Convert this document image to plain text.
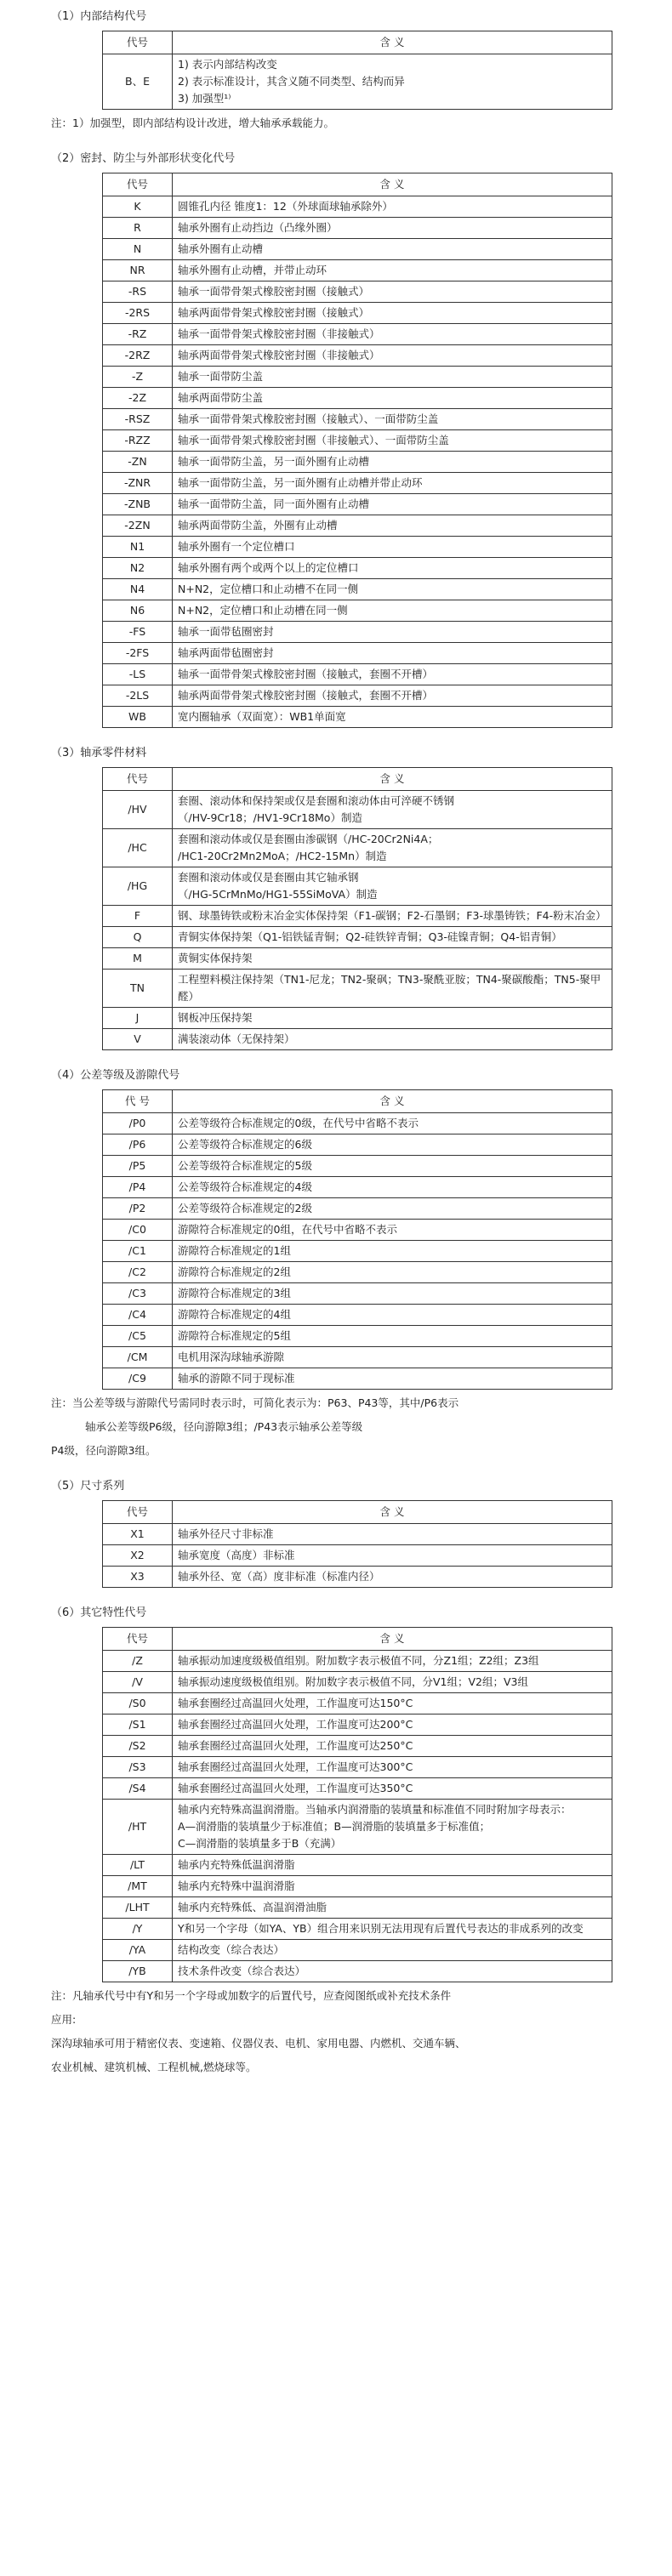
（1）内部结构代号
代号	含 义
B、E	1) 表示内部结构改变
2) 表示标准设计，其含义随不同类型、结构而异
3) 加强型¹⁾
注：1）加强型，即内部结构设计改进，增大轴承承载能力。
（2）密封、防尘与外部形状变化代号
代号	含 义
K	圆锥孔内径 锥度1：12（外球面球轴承除外）
R	轴承外圈有止动挡边（凸缘外圈）
N	轴承外圈有止动槽
NR	轴承外圈有止动槽，并带止动环
-RS	轴承一面带骨架式橡胶密封圈（接触式）
-2RS	轴承两面带骨架式橡胶密封圈（接触式）
-RZ	轴承一面带骨架式橡胶密封圈（非接触式）
-2RZ	轴承两面带骨架式橡胶密封圈（非接触式）
-Z	轴承一面带防尘盖
-2Z	轴承两面带防尘盖
-RSZ	轴承一面带骨架式橡胶密封圈（接触式）、一面带防尘盖
-RZZ	轴承一面带骨架式橡胶密封圈（非接触式）、一面带防尘盖
-ZN	轴承一面带防尘盖，另一面外圈有止动槽
-ZNR	轴承一面带防尘盖，另一面外圈有止动槽并带止动环
-ZNB	轴承一面带防尘盖，同一面外圈有止动槽
-2ZN	轴承两面带防尘盖，外圈有止动槽
N1	轴承外圈有一个定位槽口
N2	轴承外圈有两个或两个以上的定位槽口
N4	N+N2，定位槽口和止动槽不在同一侧
N6	N+N2，定位槽口和止动槽在同一侧
-FS	轴承一面带毡圈密封
-2FS	轴承两面带毡圈密封
-LS	轴承一面带骨架式橡胶密封圈（接触式，套圈不开槽）
-2LS	轴承两面带骨架式橡胶密封圈（接触式，套圈不开槽）
WB	宽内圈轴承（双面宽）：WB1单面宽
（3）轴承零件材料
代号	含 义
/HV	套圈、滚动体和保持架或仅是套圈和滚动体由可淬硬不锈钢
（/HV-9Cr18；/HV1-9Cr18Mo）制造
/HC	套圈和滚动体或仅是套圈由渗碳钢（/HC-20Cr2Ni4A；
/HC1-20Cr2Mn2MoA；/HC2-15Mn）制造
/HG	套圈和滚动体或仅是套圈由其它轴承钢
（/HG-5CrMnMo/HG1-55SiMoVA）制造
F	钢、球墨铸铁或粉末冶金实体保持架（F1-碳钢；F2-石墨钢；F3-球墨铸铁；F4-粉末冶金）
Q	青铜实体保持架（Q1-铝铁锰青铜；Q2-硅铁锌青铜；Q3-硅镍青铜；Q4-铝青铜）
M	黄铜实体保持架
TN	工程塑料模注保持架（TN1-尼龙；TN2-聚砜；TN3-聚酰亚胺；TN4-聚碳酸酯；TN5-聚甲醛）
J	钢板冲压保持架
V	满装滚动体（无保持架）
（4）公差等级及游隙代号
代 号	含 义
/P0	公差等级符合标准规定的0级，在代号中省略不表示
/P6	公差等级符合标准规定的6级
/P5	公差等级符合标准规定的5级
/P4	公差等级符合标准规定的4级
/P2	公差等级符合标准规定的2级
/C0	游隙符合标准规定的0组，在代号中省略不表示
/C1	游隙符合标准规定的1组
/C2	游隙符合标准规定的2组
/C3	游隙符合标准规定的3组
/C4	游隙符合标准规定的4组
/C5	游隙符合标准规定的5组
/CM	电机用深沟球轴承游隙
/C9	轴承的游隙不同于现标准
注：当公差等级与游隙代号需同时表示时，可简化表示为：P63、P43等，其中/P6表示
轴承公差等级P6级，径向游隙3组；/P43表示轴承公差等级
P4级，径向游隙3组。
（5）尺寸系列
代号	含 义
X1	轴承外径尺寸非标准
X2	轴承宽度（高度）非标准
X3	轴承外径、宽（高）度非标准（标准内径）
（6）其它特性代号
代号	含 义
/Z	轴承振动加速度级极值组别。附加数字表示极值不同，分Z1组；Z2组；Z3组
/V	轴承振动速度级极值组别。附加数字表示极值不同，分V1组；V2组；V3组
/S0	轴承套圈经过高温回火处理，工作温度可达150°C
/S1	轴承套圈经过高温回火处理，工作温度可达200°C
/S2	轴承套圈经过高温回火处理，工作温度可达250°C
/S3	轴承套圈经过高温回火处理，工作温度可达300°C
/S4	轴承套圈经过高温回火处理，工作温度可达350°C
/HT	轴承内充特殊高温润滑脂。当轴承内润滑脂的装填量和标准值不同时附加字母表示：
A—润滑脂的装填量少于标准值；B—润滑脂的装填量多于标准值；
C—润滑脂的装填量多于B（充满）
/LT	轴承内充特殊低温润滑脂
/MT	轴承内充特殊中温润滑脂
/LHT	轴承内充特殊低、高温润滑油脂
/Y	Y和另一个字母（如YA、YB）组合用来识别无法用现有后置代号表达的非成系列的改变
/YA	结构改变（综合表达）
/YB	技术条件改变（综合表达）
注：凡轴承代号中有Y和另一个字母或加数字的后置代号，应查阅图纸或补充技术条件
应用:
深沟球轴承可用于精密仪表、变速箱、仪器仪表、电机、家用电器、内燃机、交通车辆、
农业机械、建筑机械、工程机械,燃烧球等。
